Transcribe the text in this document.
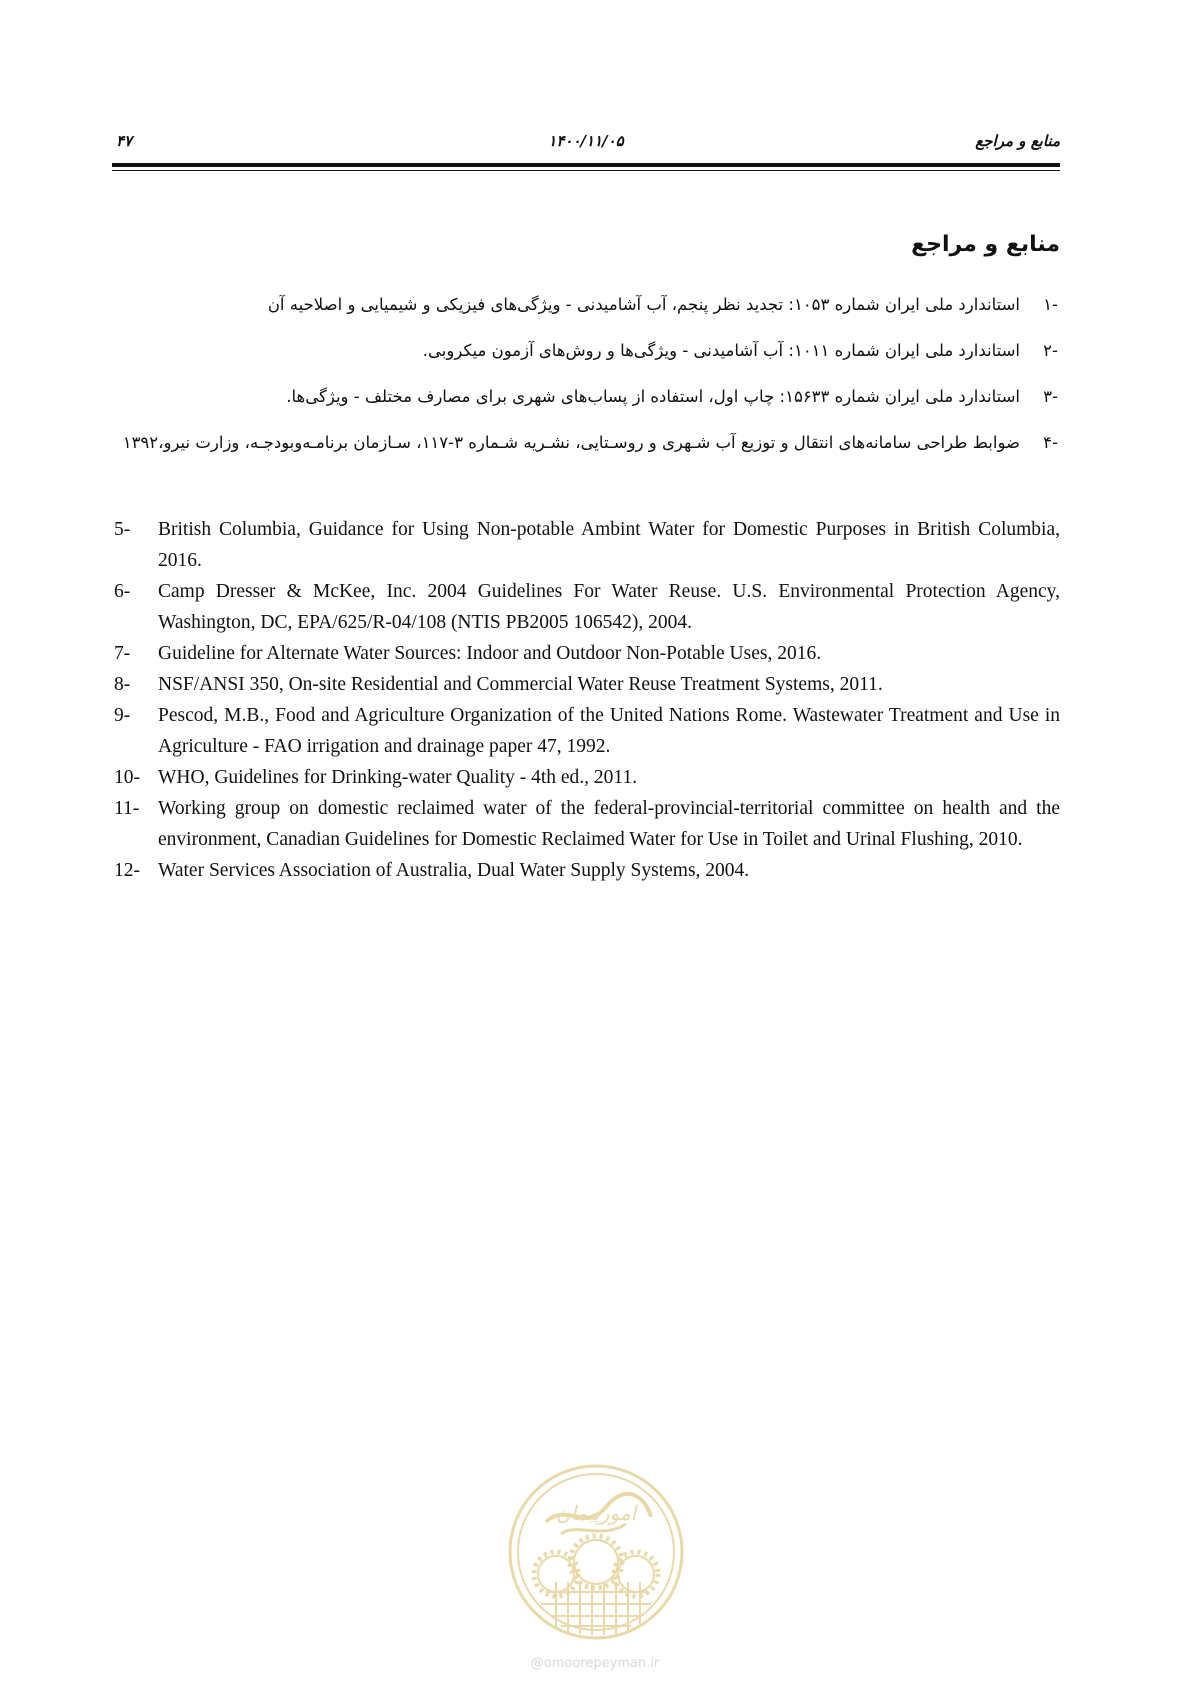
۴۷	۱۴۰۰/۱۱/۰۵	منابع و مراجع
منابع و مراجع
-۱
استاندارد ملی ایران شماره ۱۰۵۳: تجدید نظر پنجم، آب آشامیدنی - ویژگی‌های فیزیکی و شیمیایی و اصلاحیه آن
-۲
استاندارد ملی ایران شماره ۱۰۱۱: آب آشامیدنی - ویژگی‌ها و روش‌های آزمون میکروبی.
-۳
استاندارد ملی ایران شماره ۱۵۶۳۳: چاپ اول، استفاده از پساب‌های شهری برای مصارف مختلف - ویژگی‌ها.
-۴
ضوابط طراحی سامانه‌های انتقال و توزیع آب شـهری و روسـتایی، نشـریه شـماره ۳-۱۱۷، سـازمان برنامـه‌وبودجـه، وزارت نیرو،۱۳۹۲
5- British Columbia, Guidance for Using Non-potable Ambint Water for Domestic Purposes in British Columbia, 2016.
6- Camp Dresser & McKee, Inc. 2004 Guidelines For Water Reuse. U.S. Environmental Protection Agency, Washington, DC, EPA/625/R-04/108 (NTIS PB2005 106542), 2004.
7- Guideline for Alternate Water Sources: Indoor and Outdoor Non-Potable Uses, 2016.
8- NSF/ANSI 350, On-site Residential and Commercial Water Reuse Treatment Systems, 2011.
9- Pescod, M.B., Food and Agriculture Organization of the United Nations Rome. Wastewater Treatment and Use in Agriculture - FAO irrigation and drainage paper 47, 1992.
10- WHO, Guidelines for Drinking-water Quality - 4th ed., 2011.
11- Working group on domestic reclaimed water of the federal-provincial-territorial committee on health and the environment, Canadian Guidelines for Domestic Reclaimed Water for Use in Toilet and Urinal Flushing, 2010.
12- Water Services Association of Australia, Dual Water Supply Systems, 2004.
امورپیمان
@omoorepeyman.ir
